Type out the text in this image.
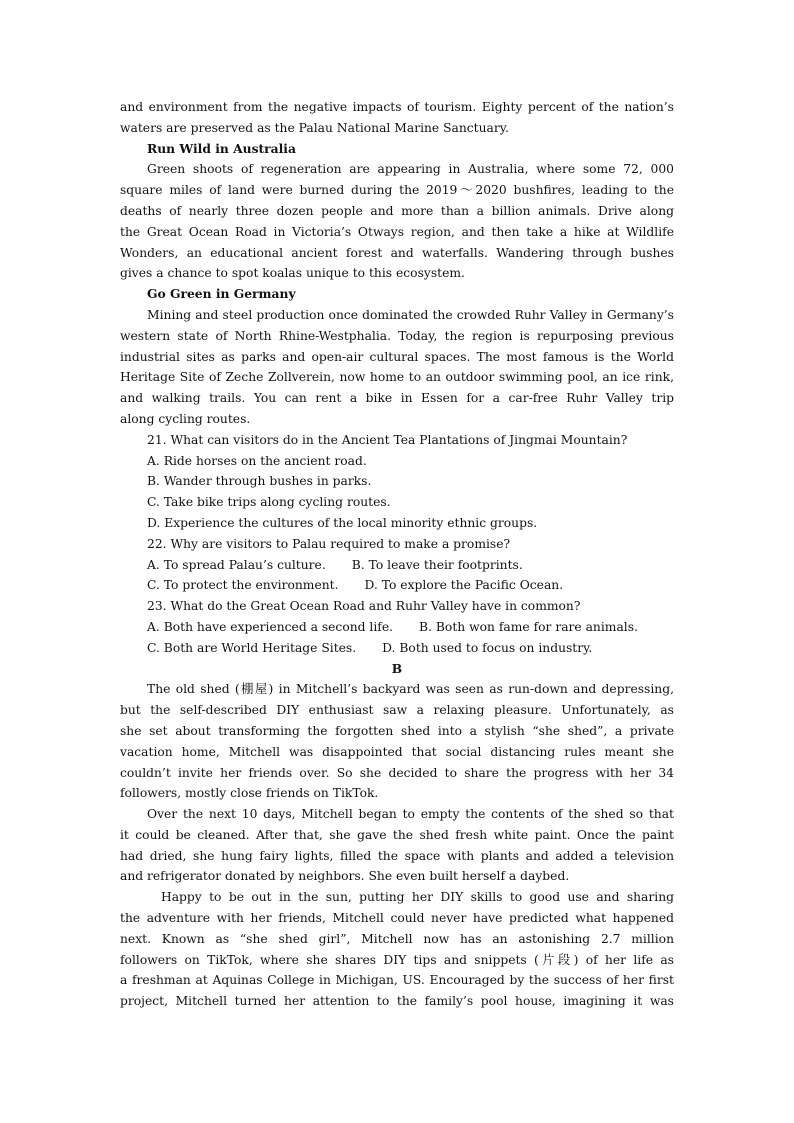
and environment from the negative impacts of tourism. Eighty percent of the nation’s
waters are preserved as the Palau National Marine Sanctuary.
Run Wild in Australia
Green shoots of regeneration are appearing in Australia, where some 72, 000
square miles of land were burned during the 2019～2020 bushfires, leading to the
deaths of nearly three dozen people and more than a billion animals. Drive along
the Great Ocean Road in Victoria’s Otways region, and then take a hike at Wildlife
Wonders, an educational ancient forest and waterfalls. Wandering through bushes
gives a chance to spot koalas unique to this ecosystem.
Go Green in Germany
Mining and steel production once dominated the crowded Ruhr Valley in Germany’s
western state of North Rhine-Westphalia. Today, the region is repurposing previous
industrial sites as parks and open-air cultural spaces. The most famous is the World
Heritage Site of Zeche Zollverein, now home to an outdoor swimming pool, an ice rink,
and walking trails. You can rent a bike in Essen for a car-free Ruhr Valley trip
along cycling routes.
21. What can visitors do in the Ancient Tea Plantations of Jingmai Mountain?
A. Ride horses on the ancient road.
B. Wander through bushes in parks.
C. Take bike trips along cycling routes.
D. Experience the cultures of the local minority ethnic groups.
22. Why are visitors to Palau required to make a promise?
A. To spread Palau’s culture. B. To leave their footprints.
C. To protect the environment. D. To explore the Pacific Ocean.
23. What do the Great Ocean Road and Ruhr Valley have in common?
A. Both have experienced a second life. B. Both won fame for rare animals.
C. Both are World Heritage Sites. D. Both used to focus on industry.
B
The old shed (棚屋) in Mitchell’s backyard was seen as run-down and depressing,
but the self-described DIY enthusiast saw a relaxing pleasure. Unfortunately, as
she set about transforming the forgotten shed into a stylish “she shed”, a private
vacation home, Mitchell was disappointed that social distancing rules meant she
couldn’t invite her friends over. So she decided to share the progress with her 34
followers, mostly close friends on TikTok.
Over the next 10 days, Mitchell began to empty the contents of the shed so that
it could be cleaned. After that, she gave the shed fresh white paint. Once the paint
had dried, she hung fairy lights, filled the space with plants and added a television
and refrigerator donated by neighbors. She even built herself a daybed.
Happy to be out in the sun, putting her DIY skills to good use and sharing
the adventure with her friends, Mitchell could never have predicted what happened
next. Known as “she shed girl”, Mitchell now has an astonishing 2.7 million
followers on TikTok, where she shares DIY tips and snippets (片段) of her life as
a freshman at Aquinas College in Michigan, US. Encouraged by the success of her first
project, Mitchell turned her attention to the family’s pool house, imagining it was
